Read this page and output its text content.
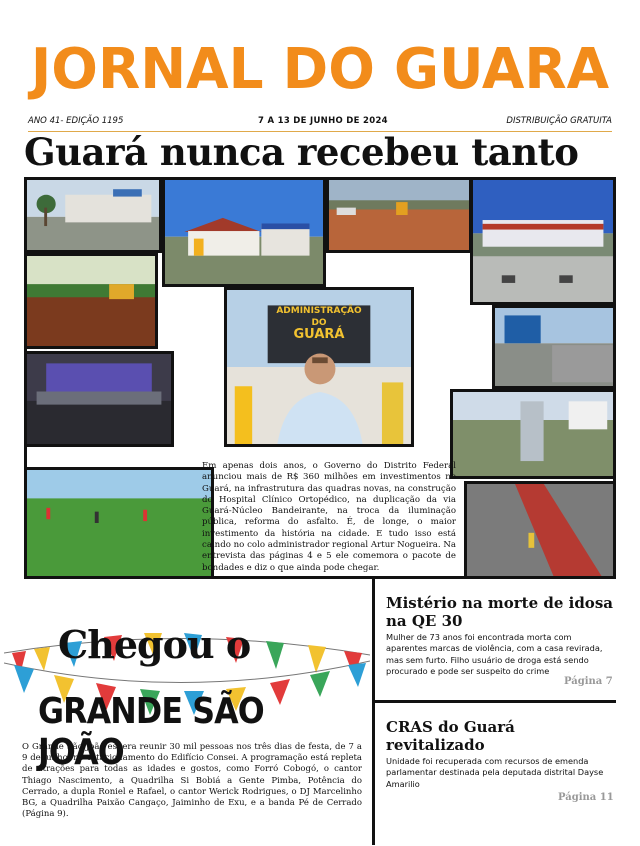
JORNAL DO GUARA
ANO 41- EDIÇÃO 1195	7 A 13 DE JUNHO DE 2024	DISTRIBUIÇÃO GRATUITA
Guará nunca recebeu tanto
ADMINISTRAÇÃO
DO
GUARÁ
Em apenas dois anos, o Governo do Distrito Federal anunciou mais de R$ 360 milhões em investimentos no Guará, na infrastrutura das quadras novas, na construção do Hospital Clínico Ortopédico, na duplicação da via Guará-Núcleo Bandeirante, na troca da iluminação pública, reforma do asfalto. É, de longe, o maior investimento da história na cidade. E tudo isso está caindo no colo administrador regional Artur Nogueira. Na entrevista das páginas 4 e 5 ele comemora o pacote de bondades e diz o que ainda pode chegar.
Chegou o
GRANDE SÃO JOÃO
O Grande São João espera reunir 30 mil pessoas nos três dias de festa, de 7 a 9 de junho, no estacionamento do Edifício Consei. A programação está repleta de atrações para todas as idades e gostos, como Forró Cobogó, o cantor Thiago Nascimento, a Quadrilha Si Bobiá a Gente Pimba, Potência do Cerrado, a dupla Roniel e Rafael, o cantor Werick Rodrigues, o DJ Marcelinho BG, a Quadrilha Paixão Cangaço, Jaiminho de Exu, e a banda Pé de Cerrado (Página 9).
Mistério na morte de idosa na QE 30
Mulher de 73 anos foi encontrada morta com aparentes marcas de violência, com a casa revirada, mas sem furto. Filho usuário de droga está sendo procurado e pode ser suspeito do crime
Página 7
CRAS do Guará revitalizado
Unidade foi recuperada com recursos de emenda parlamentar destinada pela deputada distrital Dayse Amarilio
Página 11
